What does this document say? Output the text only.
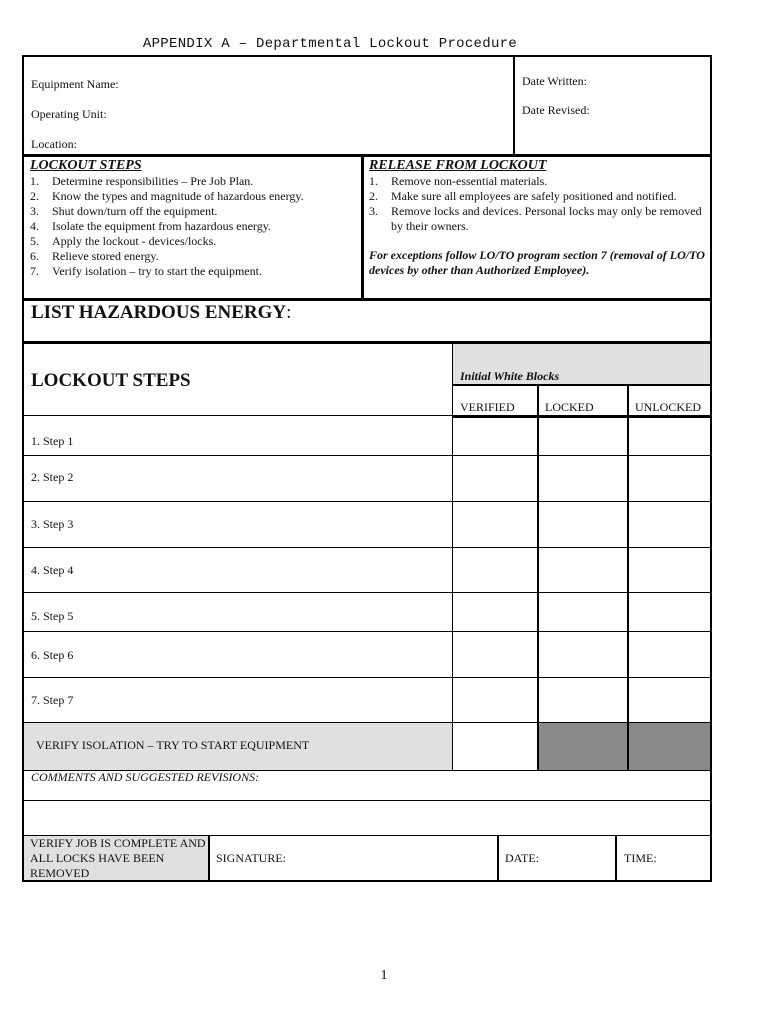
APPENDIX A – Departmental Lockout Procedure
Equipment Name:
Operating Unit:
Location:
Date Written:
Date Revised:
LOCKOUT STEPS
1.	Determine responsibilities – Pre Job Plan.
2.	Know the types and magnitude of hazardous energy.
3.	Shut down/turn off the equipment.
4.	Isolate the equipment from hazardous energy.
5.	Apply the lockout - devices/locks.
6.	Relieve stored energy.
7.	Verify isolation – try to start the equipment.
RELEASE FROM LOCKOUT
1.	Remove non-essential materials.
2.	Make sure all employees are safely positioned and notified.
3.	Remove locks and devices. Personal locks may only be removed by their owners.
For exceptions follow LO/TO program section 7 (removal of LO/TO devices by other than Authorized Employee).
LIST HAZARDOUS ENERGY:
LOCKOUT STEPS	Initial White Blocks
VERIFIED	LOCKED	UNLOCKED
1. Step 1
2. Step 2
3. Step 3
4. Step 4
5. Step 5
6. Step 6
7. Step 7
VERIFY ISOLATION – TRY TO START EQUIPMENT
COMMENTS AND SUGGESTED REVISIONS:
VERIFY JOB IS COMPLETE AND ALL LOCKS HAVE BEEN REMOVED
SIGNATURE:	DATE:	TIME:
1
